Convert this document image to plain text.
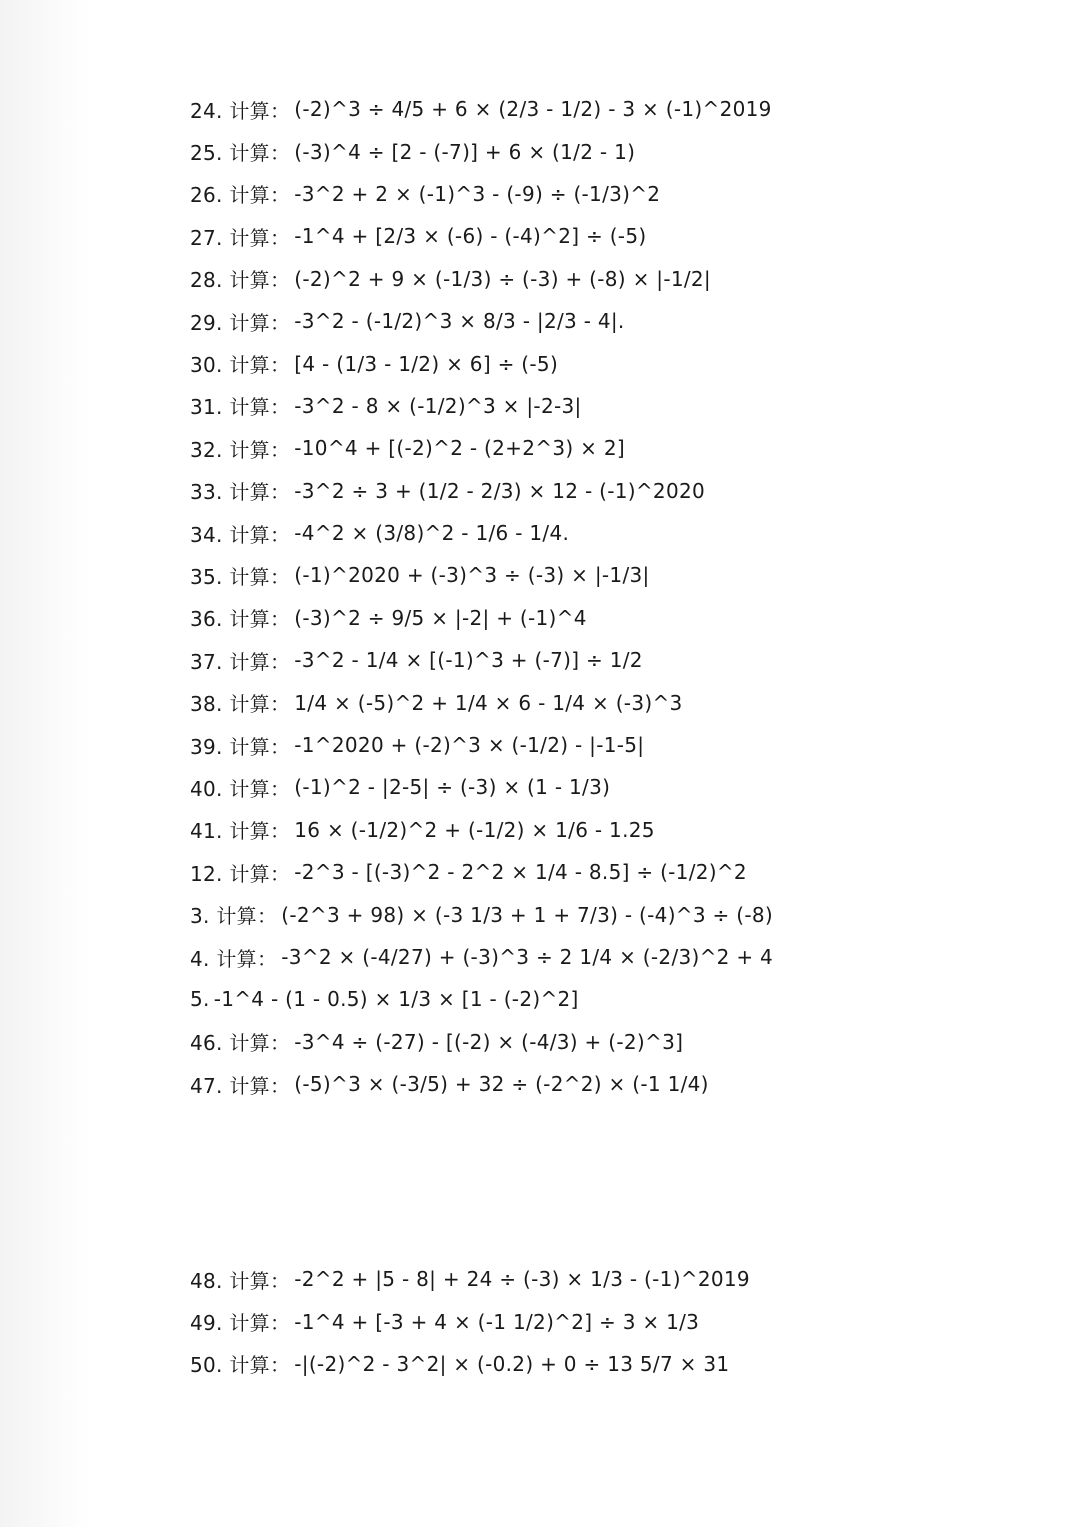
24. 计算： (-2)^3 ÷ 4/5 + 6 × (2/3 - 1/2) - 3 × (-1)^2019
25. 计算： (-3)^4 ÷ [2 - (-7)] + 6 × (1/2 - 1)
26. 计算： -3^2 + 2 × (-1)^3 - (-9) ÷ (-1/3)^2
27. 计算： -1^4 + [2/3 × (-6) - (-4)^2] ÷ (-5)
28. 计算： (-2)^2 + 9 × (-1/3) ÷ (-3) + (-8) × |-1/2|
29. 计算： -3^2 - (-1/2)^3 × 8/3 - |2/3 - 4|.
30. 计算： [4 - (1/3 - 1/2) × 6] ÷ (-5)
31. 计算： -3^2 - 8 × (-1/2)^3 × |-2-3|
32. 计算： -10^4 + [(-2)^2 - (2+2^3) × 2]
33. 计算： -3^2 ÷ 3 + (1/2 - 2/3) × 12 - (-1)^2020
34. 计算： -4^2 × (3/8)^2 - 1/6 - 1/4.
35. 计算： (-1)^2020 + (-3)^3 ÷ (-3) × |-1/3|
36. 计算： (-3)^2 ÷ 9/5 × |-2| + (-1)^4
37. 计算： -3^2 - 1/4 × [(-1)^3 + (-7)] ÷ 1/2
38. 计算： 1/4 × (-5)^2 + 1/4 × 6 - 1/4 × (-3)^3
39. 计算： -1^2020 + (-2)^3 × (-1/2) - |-1-5|
40. 计算： (-1)^2 - |2-5| ÷ (-3) × (1 - 1/3)
41. 计算： 16 × (-1/2)^2 + (-1/2) × 1/6 - 1.25
12. 计算： -2^3 - [(-3)^2 - 2^2 × 1/4 - 8.5] ÷ (-1/2)^2
3. 计算： (-2^3 + 98) × (-3 1/3 + 1 + 7/3) - (-4)^3 ÷ (-8)
4. 计算： -3^2 × (-4/27) + (-3)^3 ÷ 2 1/4 × (-2/3)^2 + 4
5. -1^4 - (1 - 0.5) × 1/3 × [1 - (-2)^2]
46. 计算： -3^4 ÷ (-27) - [(-2) × (-4/3) + (-2)^3]
47. 计算： (-5)^3 × (-3/5) + 32 ÷ (-2^2) × (-1 1/4)
48. 计算： -2^2 + |5 - 8| + 24 ÷ (-3) × 1/3 - (-1)^2019
49. 计算： -1^4 + [-3 + 4 × (-1 1/2)^2] ÷ 3 × 1/3
50. 计算： -|(-2)^2 - 3^2| × (-0.2) + 0 ÷ 13 5/7 × 31
